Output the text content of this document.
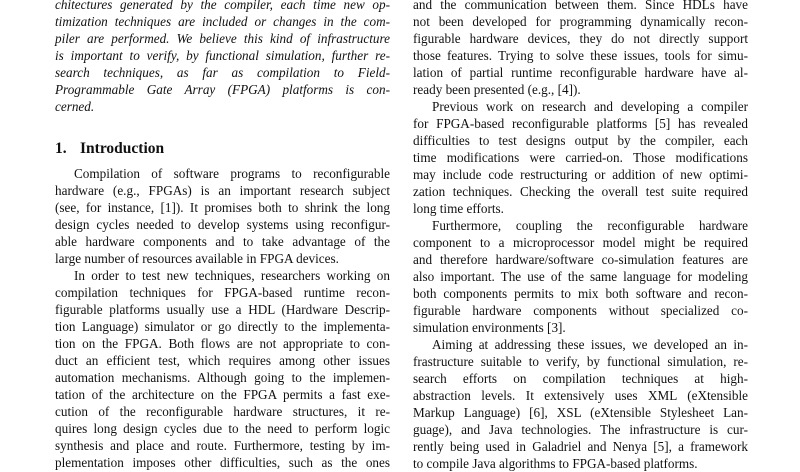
chitectures generated by the compiler, each time new op-
timization techniques are included or changes in the com-
piler are performed. We believe this kind of infrastructure
is important to verify, by functional simulation, further re-
search techniques, as far as compilation to Field-
Programmable Gate Array (FPGA) platforms is con-
cerned.
1. Introduction
Compilation of software programs to reconfigurable
hardware (e.g., FPGAs) is an important research subject
(see, for instance, [1]). It promises both to shrink the long
design cycles needed to develop systems using reconfigur-
able hardware components and to take advantage of the
large number of resources available in FPGA devices.
In order to test new techniques, researchers working on
compilation techniques for FPGA-based runtime recon-
figurable platforms usually use a HDL (Hardware Descrip-
tion Language) simulator or go directly to the implementa-
tion on the FPGA. Both flows are not appropriate to con-
duct an efficient test, which requires among other issues
automation mechanisms. Although going to the implemen-
tation of the architecture on the FPGA permits a fast exe-
cution of the reconfigurable hardware structures, it re-
quires long design cycles due to the need to perform logic
synthesis and place and route. Furthermore, testing by im-
plementation imposes other difficulties, such as the ones
and the communication between them. Since HDLs have
not been developed for programming dynamically recon-
figurable hardware devices, they do not directly support
those features. Trying to solve these issues, tools for simu-
lation of partial runtime reconfigurable hardware have al-
ready been presented (e.g., [4]).
Previous work on research and developing a compiler
for FPGA-based reconfigurable platforms [5] has revealed
difficulties to test designs output by the compiler, each
time modifications were carried-on. Those modifications
may include code restructuring or addition of new optimi-
zation techniques. Checking the overall test suite required
long time efforts.
Furthermore, coupling the reconfigurable hardware
component to a microprocessor model might be required
and therefore hardware/software co-simulation features are
also important. The use of the same language for modeling
both components permits to mix both software and recon-
figurable hardware components without specialized co-
simulation environments [3].
Aiming at addressing these issues, we developed an in-
frastructure suitable to verify, by functional simulation, re-
search efforts on compilation techniques at high-
abstraction levels. It extensively uses XML (eXtensible
Markup Language) [6], XSL (eXtensible Stylesheet Lan-
guage), and Java technologies. The infrastructure is cur-
rently being used in Galadriel and Nenya [5], a framework
to compile Java algorithms to FPGA-based platforms.
